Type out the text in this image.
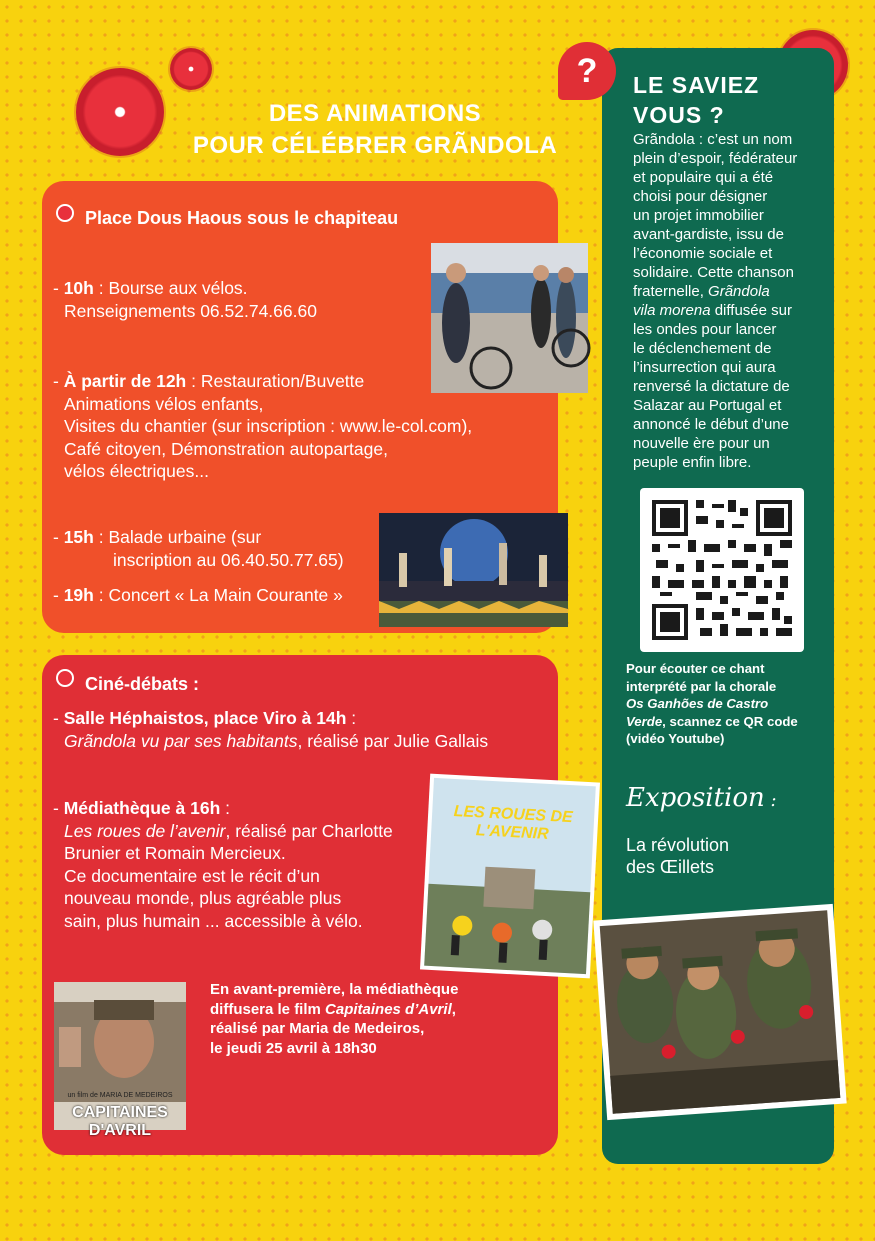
DES ANIMATIONS
POUR CÉLÉBRER GRÃNDOLA
Place Dous Haous sous le chapiteau
- 10h : Bourse aux vélos.
Renseignements 06.52.74.66.60
- À partir de 12h : Restauration/Buvette
Animations vélos enfants,
Visites du chantier (sur inscription : www.le-col.com),
Café citoyen, Démonstration autopartage,
vélos électriques...
- 15h : Balade urbaine (sur
inscription au 06.40.50.77.65)
- 19h : Concert « La Main Courante »
Ciné-débats :
- Salle Héphaistos, place Viro à 14h :
Grãndola vu par ses habitants, réalisé par Julie Gallais
- Médiathèque à 16h :
Les roues de l’avenir, réalisé par Charlotte
Brunier et Romain Mercieux.
Ce documentaire est le récit d’un
nouveau monde, plus agréable plus
sain, plus humain ... accessible à vélo.
LES ROUES DE L'AVENIR
un film de MARIA DE MEDEIROS
CAPITAINES D'AVRIL
En avant-première, la médiathèque
diffusera le film Capitaines d’Avril,
réalisé par Maria de Medeiros,
le jeudi 25 avril à 18h30
?	LE SAVIEZ
VOUS ?
Grãndola : c’est un nom
plein d’espoir, fédérateur
et populaire qui a été
choisi pour désigner
un projet immobilier
avant-gardiste, issu de
l’économie sociale et
solidaire. Cette chanson
fraternelle, Grãndola
vila morena diffusée sur
les ondes pour lancer
le déclenchement de
l’insurrection qui aura
renversé la dictature de
Salazar au Portugal et
annoncé le début d’une
nouvelle ère pour un
peuple enfin libre.
Pour écouter ce chant
interprété par la chorale
Os Ganhões de Castro
Verde, scannez ce QR code
(vidéo Youtube)
Exposition :
La révolution
des Œillets
